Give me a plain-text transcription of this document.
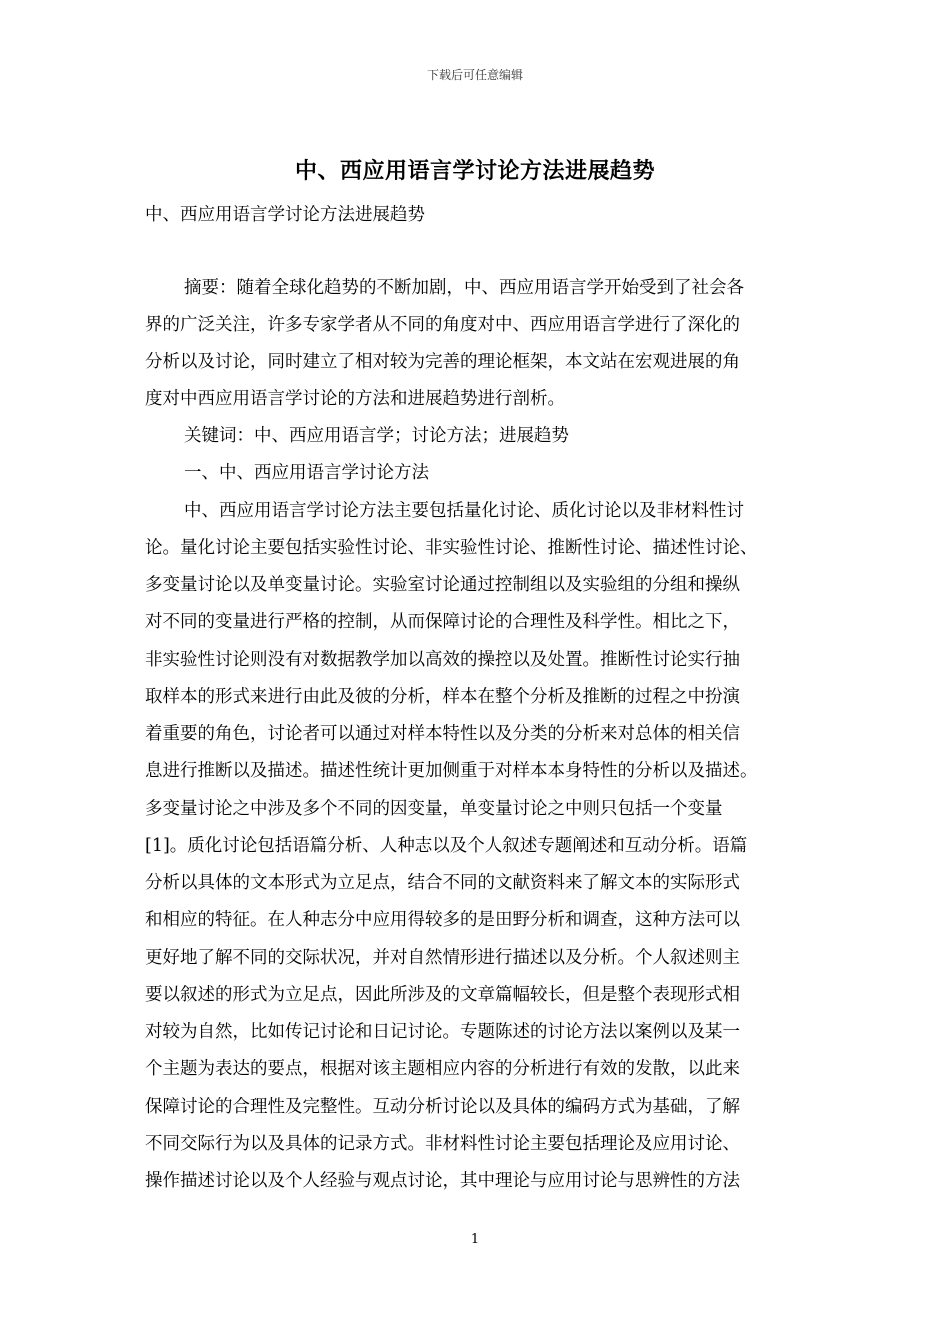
下载后可任意编辑
中、西应用语言学讨论方法进展趋势
中、西应用语言学讨论方法进展趋势
摘要：随着全球化趋势的不断加剧，中、西应用语言学开始受到了社会各
界的广泛关注，许多专家学者从不同的角度对中、西应用语言学进行了深化的
分析以及讨论，同时建立了相对较为完善的理论框架，本文站在宏观进展的角
度对中西应用语言学讨论的方法和进展趋势进行剖析。
关键词：中、西应用语言学；讨论方法；进展趋势
一、中、西应用语言学讨论方法
中、西应用语言学讨论方法主要包括量化讨论、质化讨论以及非材料性讨
论。量化讨论主要包括实验性讨论、非实验性讨论、推断性讨论、描述性讨论、
多变量讨论以及单变量讨论。实验室讨论通过控制组以及实验组的分组和操纵
对不同的变量进行严格的控制，从而保障讨论的合理性及科学性。相比之下，
非实验性讨论则没有对数据教学加以高效的操控以及处置。推断性讨论实行抽
取样本的形式来进行由此及彼的分析，样本在整个分析及推断的过程之中扮演
着重要的角色，讨论者可以通过对样本特性以及分类的分析来对总体的相关信
息进行推断以及描述。描述性统计更加侧重于对样本本身特性的分析以及描述。
多变量讨论之中涉及多个不同的因变量，单变量讨论之中则只包括一个变量
[1]。质化讨论包括语篇分析、人种志以及个人叙述专题阐述和互动分析。语篇
分析以具体的文本形式为立足点，结合不同的文献资料来了解文本的实际形式
和相应的特征。在人种志分中应用得较多的是田野分析和调查，这种方法可以
更好地了解不同的交际状况，并对自然情形进行描述以及分析。个人叙述则主
要以叙述的形式为立足点，因此所涉及的文章篇幅较长，但是整个表现形式相
对较为自然，比如传记讨论和日记讨论。专题陈述的讨论方法以案例以及某一
个主题为表达的要点，根据对该主题相应内容的分析进行有效的发散，以此来
保障讨论的合理性及完整性。互动分析讨论以及具体的编码方式为基础，了解
不同交际行为以及具体的记录方式。非材料性讨论主要包括理论及应用讨论、
操作描述讨论以及个人经验与观点讨论，其中理论与应用讨论与思辨性的方法
1
